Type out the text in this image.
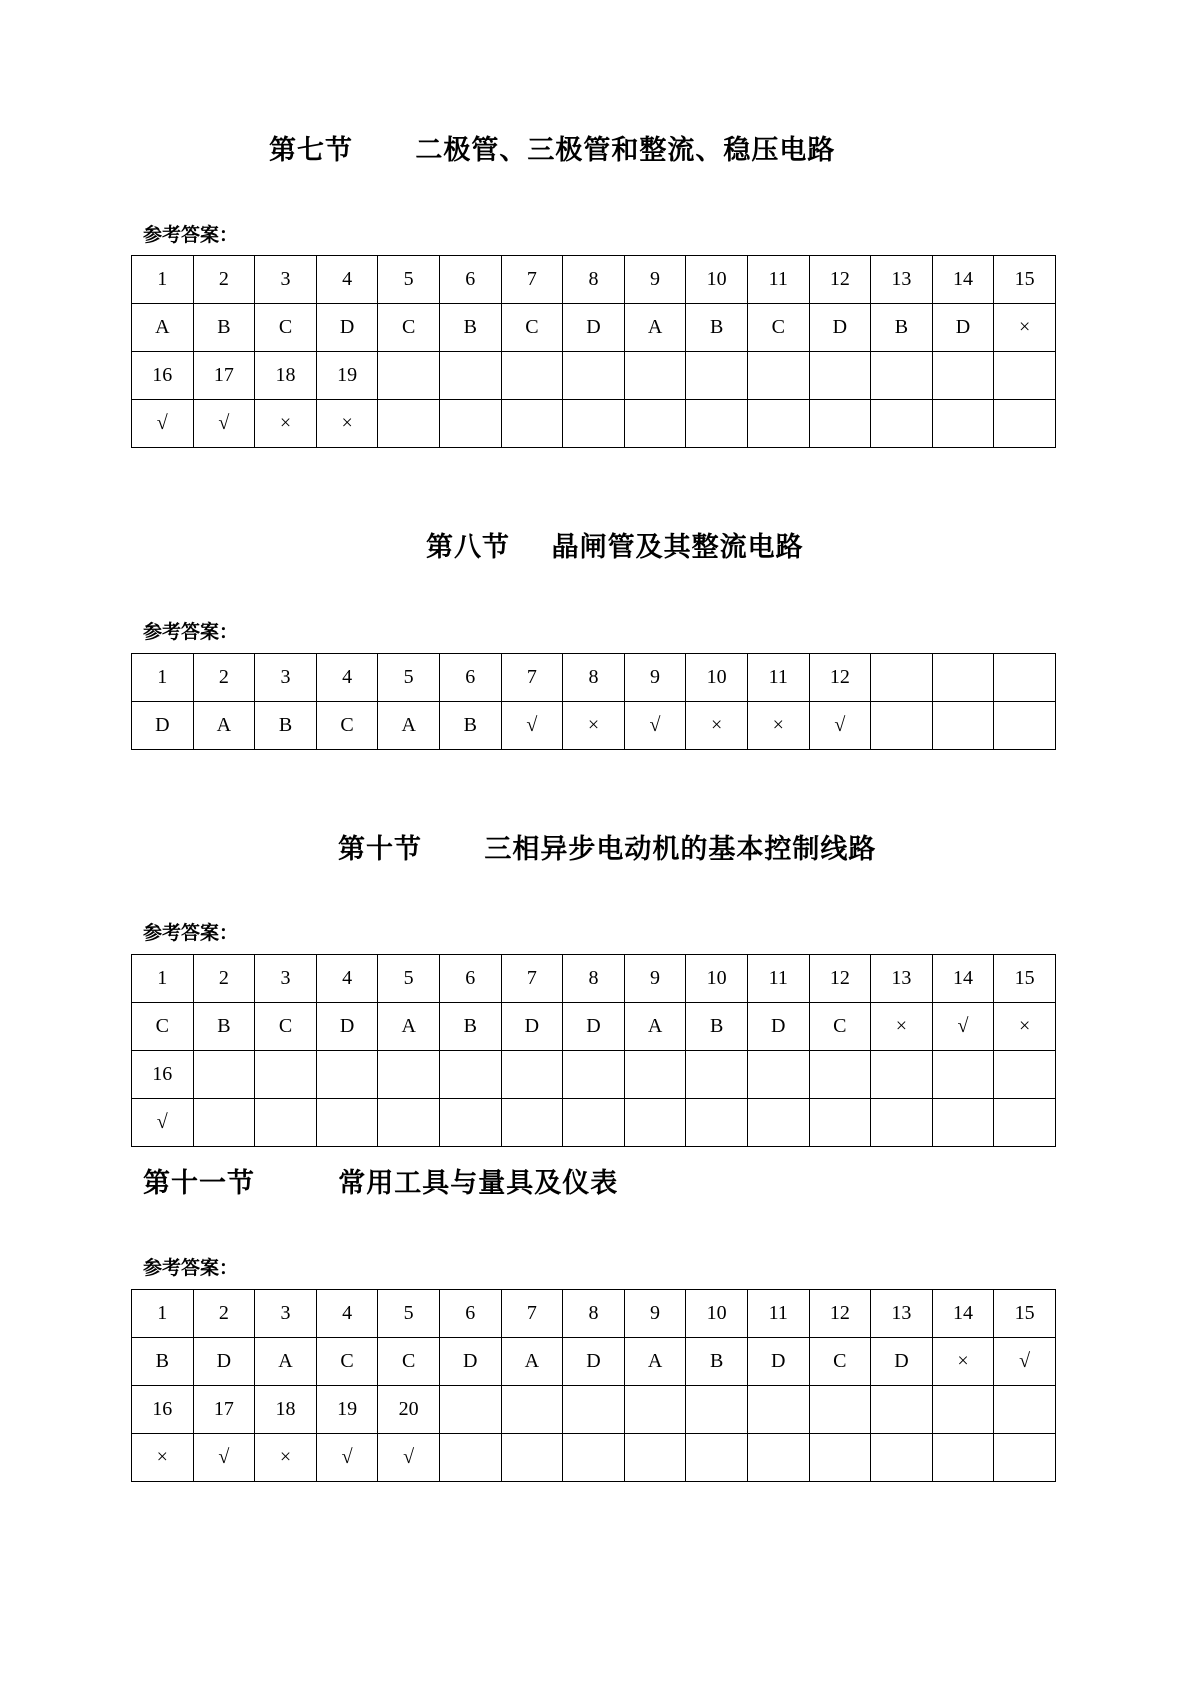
第七节      二极管、三极管和整流、稳压电路
参考答案：
1	2	3	4	5	6	7	8	9	10	11	12	13	14	15
A	B	C	D	C	B	C	D	A	B	C	D	B	D	×
16	17	18	19											
√	√	×	×											
第八节    晶闸管及其整流电路
参考答案：
1	2	3	4	5	6	7	8	9	10	11	12			
D	A	B	C	A	B	√	×	√	×	×	√			
第十节      三相异步电动机的基本控制线路
参考答案：
1	2	3	4	5	6	7	8	9	10	11	12	13	14	15
C	B	C	D	A	B	D	D	A	B	D	C	×	√	×
16														
√														
第十一节        常用工具与量具及仪表
参考答案：
1	2	3	4	5	6	7	8	9	10	11	12	13	14	15
B	D	A	C	C	D	A	D	A	B	D	C	D	×	√
16	17	18	19	20										
×	√	×	√	√										
